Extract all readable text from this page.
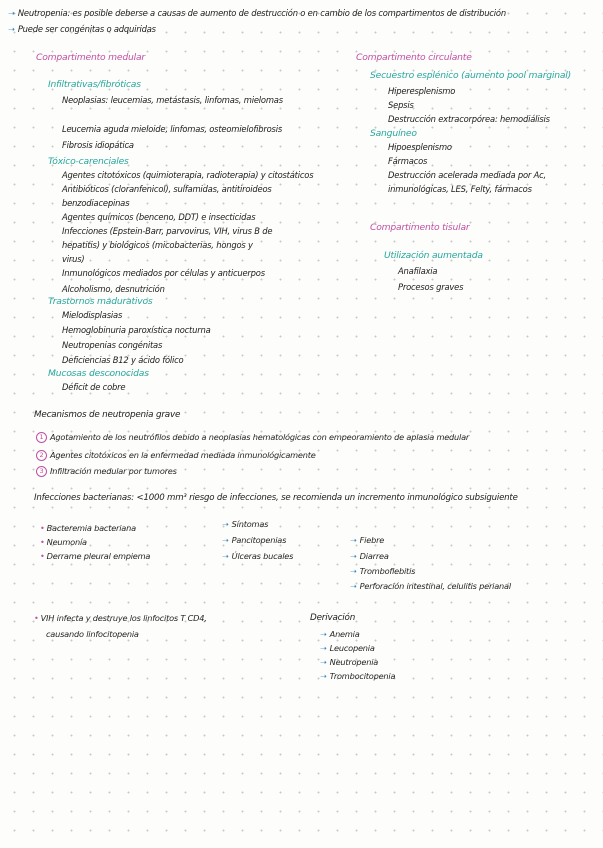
➝ Neutropenia: es posible deberse a causas de aumento de destrucción o en cambio de los compartimentos de distribución
➝ Puede ser congénitas o adquiridas
Compartimento medular
Infiltrativas/fibróticas
Neoplasias: leucemias, metástasis, linfomas, mielomas
Leucemia aguda mieloide, linfomas, osteomielofibrosis
Fibrosis idiopática
Tóxico-carenciales
Agentes citotóxicos (quimioterapia, radioterapia) y citostáticos
Antibióticos (cloranfenicol), sulfamidas, antitiroideos
benzodiacepinas
Agentes químicos (benceno, DDT) e insecticidas
Infecciones (Epstein-Barr, parvovirus, VIH, virus B de
hepatitis) y biológicos (micobacterias, hongos y
virus)
Inmunológicos mediados por células y anticuerpos
Alcoholismo, desnutrición
Trastornos madurativos
Mielodisplasias
Hemoglobinuria paroxística nocturna
Neutropenias congénitas
Deficiencias B12 y ácido fólico
Mucosas desconocidas
Déficit de cobre
Compartimento circulante
Secuestro esplénico (aumento pool marginal)
Hiperesplenismo
Sepsis
Destrucción extracorpórea: hemodiálisis
Sanguíneo
Hipoesplenismo
Fármacos
Destrucción acelerada mediada por Ac,
inmunológicas, LES, Felty, fármacos
Compartimento tisular
Utilización aumentada
Anafilaxia
Procesos graves
Mecanismos de neutropenia grave
1 Agotamiento de los neutrófilos debido a neoplasias hematológicas con empeoramiento de aplasia medular
2 Agentes citotóxicos en la enfermedad mediada inmunológicamente
3 Infiltración medular por tumores
Infecciones bacterianas: <1000 mm³ riesgo de infecciones, se recomienda un incremento inmunológico subsiguiente
• Bacteremia bacteriana
• Neumonía
• Derrame pleural empiema
➝ Síntomas
➝ Pancitopenias
➝ Úlceras bucales
➝ Fiebre
➝ Diarrea
➝ Tromboflebitis
➝ Perforación intestinal, celulitis perianal
• VIH infecta y destruye los linfocitos T CD4,
causando linfocitopenia
Derivación
➝ Anemia
➝ Leucopenia
➝ Neutropenia
➝ Trombocitopenia
